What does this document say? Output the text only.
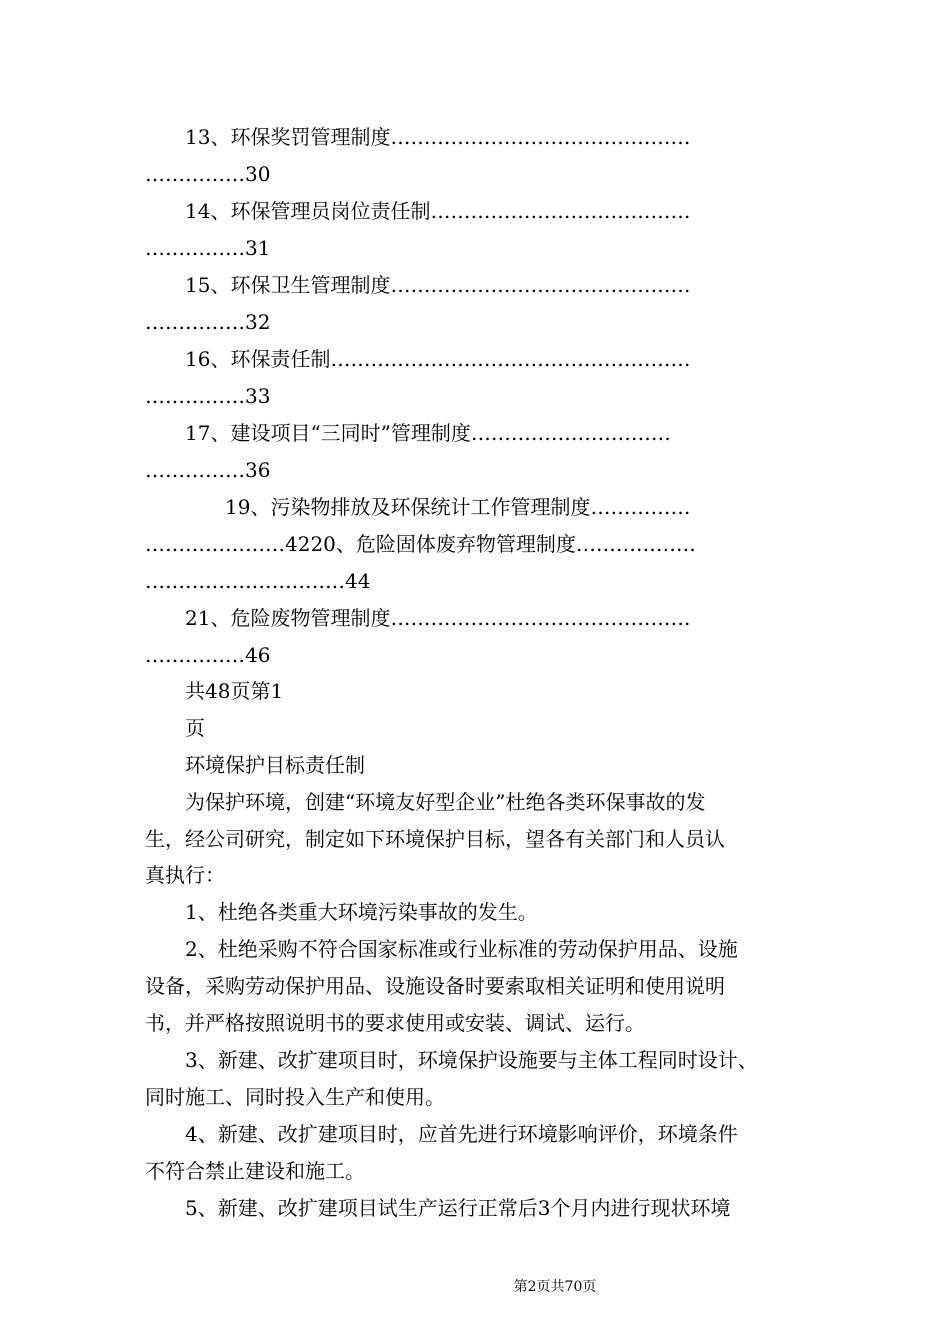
　　13、环保奖罚管理制度………………………………………
……………30
　　14、环保管理员岗位责任制…………………………………
……………31
　　15、环保卫生管理制度………………………………………
……………32
　　16、环保责任制………………………………………………
……………33
　　17、建设项目“三同时”管理制度…………………………
……………36
　　　　19、污染物排放及环保统计工作管理制度……………
…………………4220、危险固体废弃物管理制度………………
…………………………44
　　21、危险废物管理制度………………………………………
……………46
　　共48页第1
　　页
　　环境保护目标责任制
　　为保护环境，创建“环境友好型企业”杜绝各类环保事故的发
生，经公司研究，制定如下环境保护目标，望各有关部门和人员认
真执行：
　　1、杜绝各类重大环境污染事故的发生。
　　2、杜绝采购不符合国家标准或行业标准的劳动保护用品、设施
设备，采购劳动保护用品、设施设备时要索取相关证明和使用说明
书，并严格按照说明书的要求使用或安装、调试、运行。
　　3、新建、改扩建项目时，环境保护设施要与主体工程同时设计、
同时施工、同时投入生产和使用。
　　4、新建、改扩建项目时，应首先进行环境影响评价，环境条件
不符合禁止建设和施工。
　　5、新建、改扩建项目试生产运行正常后3个月内进行现状环境
第2页共70页
